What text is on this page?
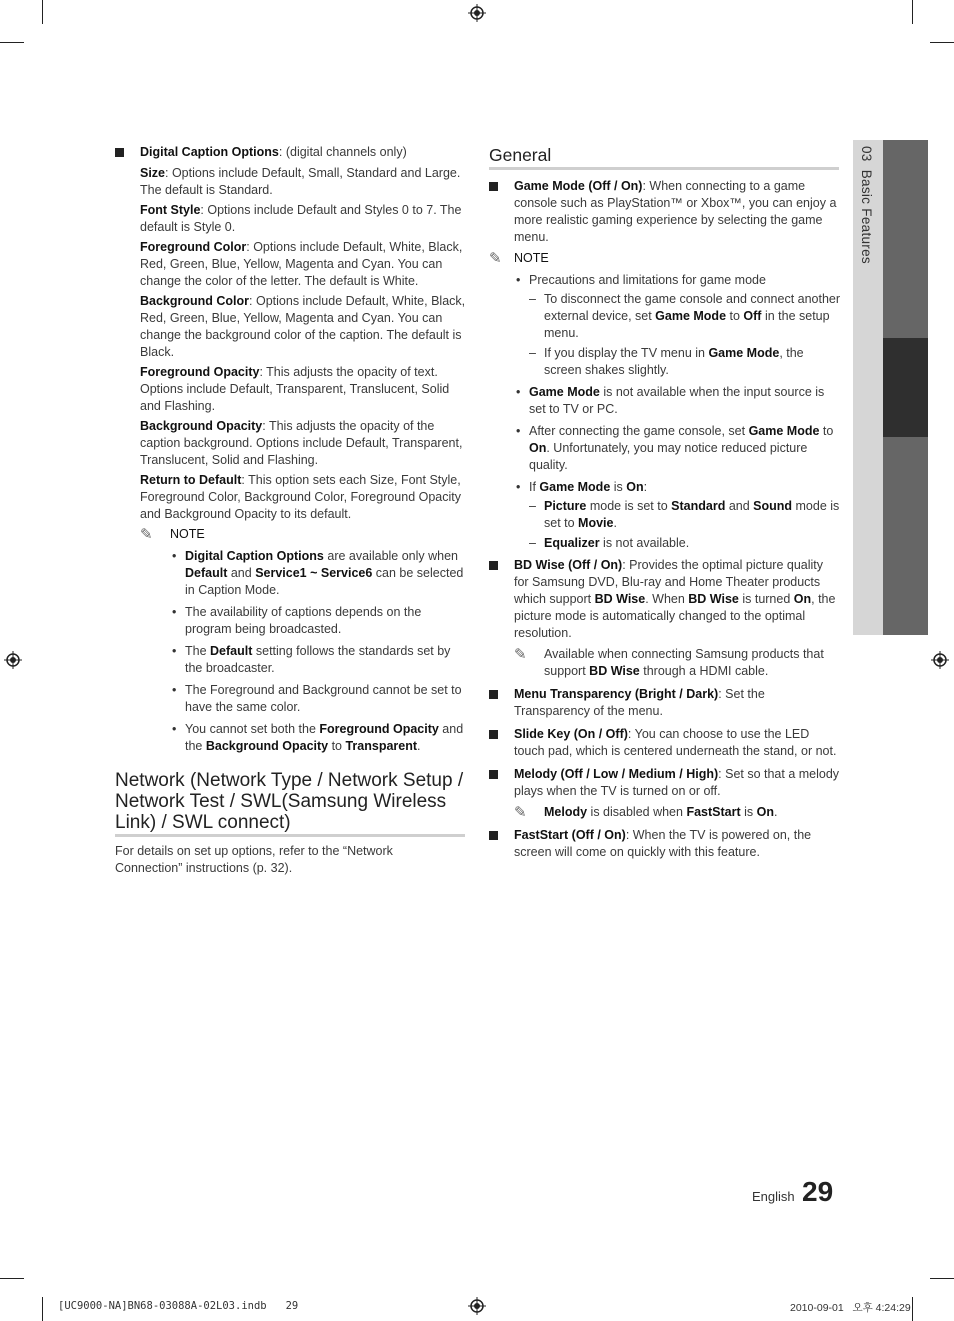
03  Basic Features
Digital Caption Options: (digital channels only)
Size: Options include Default, Small, Standard and Large. The default is Standard.
Font Style: Options include Default and Styles 0 to 7. The default is Style 0.
Foreground Color: Options include Default, White, Black, Red, Green, Blue, Yellow, Magenta and Cyan. You can change the color of the letter. The default is White.
Background Color: Options include Default, White, Black, Red, Green, Blue, Yellow, Magenta and Cyan. You can change the background color of the caption. The default is Black.
Foreground Opacity: This adjusts the opacity of text. Options include Default, Transparent, Translucent, Solid and Flashing.
Background Opacity: This adjusts the opacity of the caption background. Options include Default, Transparent, Translucent, Solid and Flashing.
Return to Default: This option sets each Size, Font Style, Foreground Color, Background Color, Foreground Opacity and Background Opacity to its default.
✎ NOTE
• Digital Caption Options are available only when Default and Service1 ~ Service6 can be selected in Caption Mode.
• The availability of captions depends on the program being broadcasted.
• The Default setting follows the standards set by the broadcaster.
• The Foreground and Background cannot be set to have the same color.
• You cannot set both the Foreground Opacity and the Background Opacity to Transparent.
Network (Network Type / Network Setup / Network Test / SWL(Samsung Wireless Link) / SWL connect)
For details on set up options, refer to the “Network Connection” instructions (p. 32).
General
Game Mode (Off / On): When connecting to a game console such as PlayStation™ or Xbox™, you can enjoy a more realistic gaming experience by selecting the game menu.
✎ NOTE
• Precautions and limitations for game mode
– To disconnect the game console and connect another external device, set Game Mode to Off in the setup menu.
– If you display the TV menu in Game Mode, the screen shakes slightly.
• Game Mode is not available when the input source is set to TV or PC.
• After connecting the game console, set Game Mode to On. Unfortunately, you may notice reduced picture quality.
• If Game Mode is On:
– Picture mode is set to Standard and Sound mode is set to Movie.
– Equalizer is not available.
BD Wise (Off / On): Provides the optimal picture quality for Samsung DVD, Blu-ray and Home Theater products which support BD Wise. When BD Wise is turned On, the picture mode is automatically changed to the optimal resolution.
✎ Available when connecting Samsung products that support BD Wise through a HDMI cable.
Menu Transparency (Bright / Dark): Set the Transparency of the menu.
Slide Key (On / Off): You can choose to use the LED touch pad, which is centered underneath the stand, or not.
Melody (Off / Low / Medium / High): Set so that a melody plays when the TV is turned on or off.
✎ Melody is disabled when FastStart is On.
FastStart (Off / On): When the TV is powered on, the screen will come on quickly with this feature.
English 29
[UC9000-NA]BN68-03088A-02L03.indb   29	2010-09-01   오후 4:24:29
